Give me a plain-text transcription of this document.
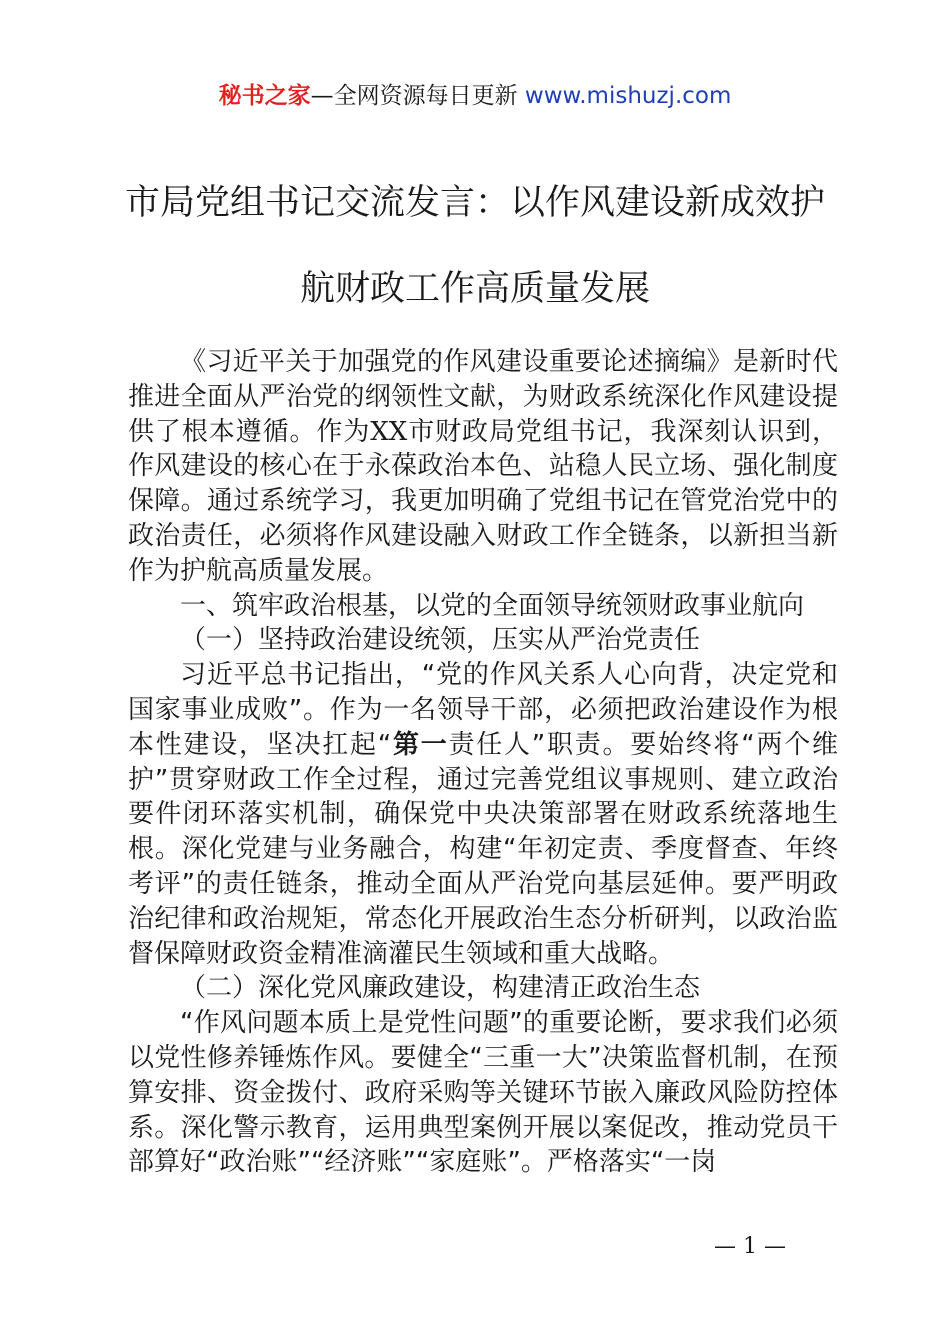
秘书之家—全网资源每日更新 www.mishuzj.com
市局党组书记交流发言：以作风建设新成效护
航财政工作高质量发展

《习近平关于加强党的作风建设重要论述摘编》是新时代推进全面从严治党的纲领性文献，为财政系统深化作风建设提供了根本遵循。作为XX市财政局党组书记，我深刻认识到，作风建设的核心在于永葆政治本色、站稳人民立场、强化制度保障。通过系统学习，我更加明确了党组书记在管党治党中的政治责任，必须将作风建设融入财政工作全链条，以新担当新作为护航高质量发展。

一、筑牢政治根基，以党的全面领导统领财政事业航向

（一）坚持政治建设统领，压实从严治党责任

习近平总书记指出，“党的作风关系人心向背，决定党和国家事业成败”。作为一名领导干部，必须把政治建设作为根本性建设，坚决扛起“第一责任人”职责。要始终将“两个维护”贯穿财政工作全过程，通过完善党组议事规则、建立政治要件闭环落实机制，确保党中央决策部署在财政系统落地生根。深化党建与业务融合，构建“年初定责、季度督查、年终考评”的责任链条，推动全面从严治党向基层延伸。要严明政治纪律和政治规矩，常态化开展政治生态分析研判，以政治监督保障财政资金精准滴灌民生领域和重大战略。

（二）深化党风廉政建设，构建清正政治生态

“作风问题本质上是党性问题”的重要论断，要求我们必须以党性修养锤炼作风。要健全“三重一大”决策监督机制，在预算安排、资金拨付、政府采购等关键环节嵌入廉政风险防控体系。深化警示教育，运用典型案例开展以案促改，推动党员干部算好“政治账”“经济账”“家庭账”。严格落实“一岗

— 1 —
